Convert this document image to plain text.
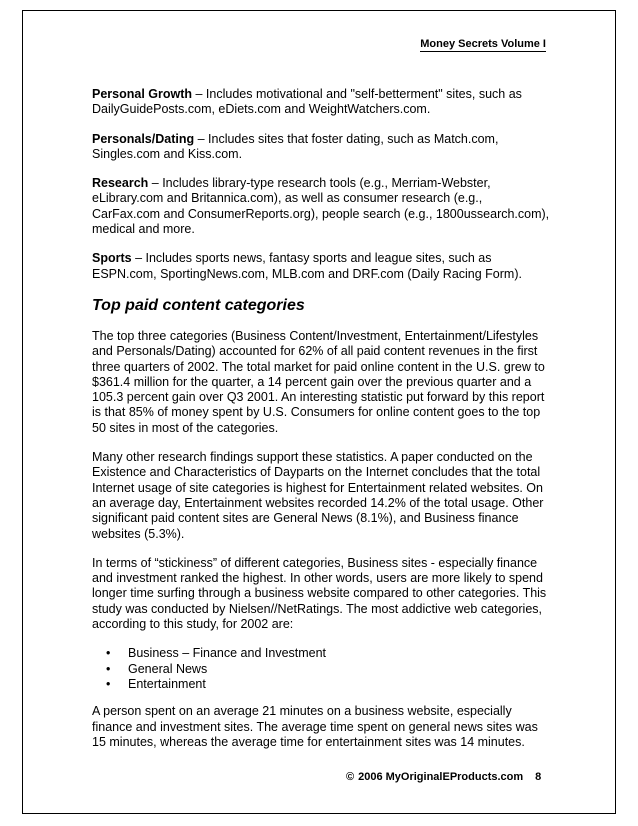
Money Secrets Volume I

Personal Growth – Includes motivational and "self-betterment" sites, such as DailyGuidePosts.com, eDiets.com and WeightWatchers.com.

Personals/Dating – Includes sites that foster dating, such as Match.com, Singles.com and Kiss.com.

Research – Includes library-type research tools (e.g., Merriam-Webster, eLibrary.com and Britannica.com), as well as consumer research (e.g., CarFax.com and ConsumerReports.org), people search (e.g., 1800ussearch.com), medical and more.

Sports – Includes sports news, fantasy sports and league sites, such as ESPN.com, SportingNews.com, MLB.com and DRF.com (Daily Racing Form).

Top paid content categories

The top three categories (Business Content/Investment, Entertainment/Lifestyles and Personals/Dating) accounted for 62% of all paid content revenues in the first three quarters of 2002. The total market for paid online content in the U.S. grew to $361.4 million for the quarter, a 14 percent gain over the previous quarter and a 105.3 percent gain over Q3 2001. An interesting statistic put forward by this report is that 85% of money spent by U.S. Consumers for online content goes to the top 50 sites in most of the categories.

Many other research findings support these statistics. A paper conducted on the Existence and Characteristics of Dayparts on the Internet concludes that the total Internet usage of site categories is highest for Entertainment related websites. On an average day, Entertainment websites recorded 14.2% of the total usage. Other significant paid content sites are General News (8.1%), and Business finance websites (5.3%).

In terms of “stickiness” of different categories, Business sites - especially finance and investment ranked the highest. In other words, users are more likely to spend longer time surfing through a business website compared to other categories. This study was conducted by Nielsen//NetRatings. The most addictive web categories, according to this study, for 2002 are:

• Business – Finance and Investment
• General News
• Entertainment

A person spent on an average 21 minutes on a business website, especially finance and investment sites. The average time spent on general news sites was 15 minutes, whereas the average time for entertainment sites was 14 minutes.

© 2006 MyOriginalEProducts.com 8
